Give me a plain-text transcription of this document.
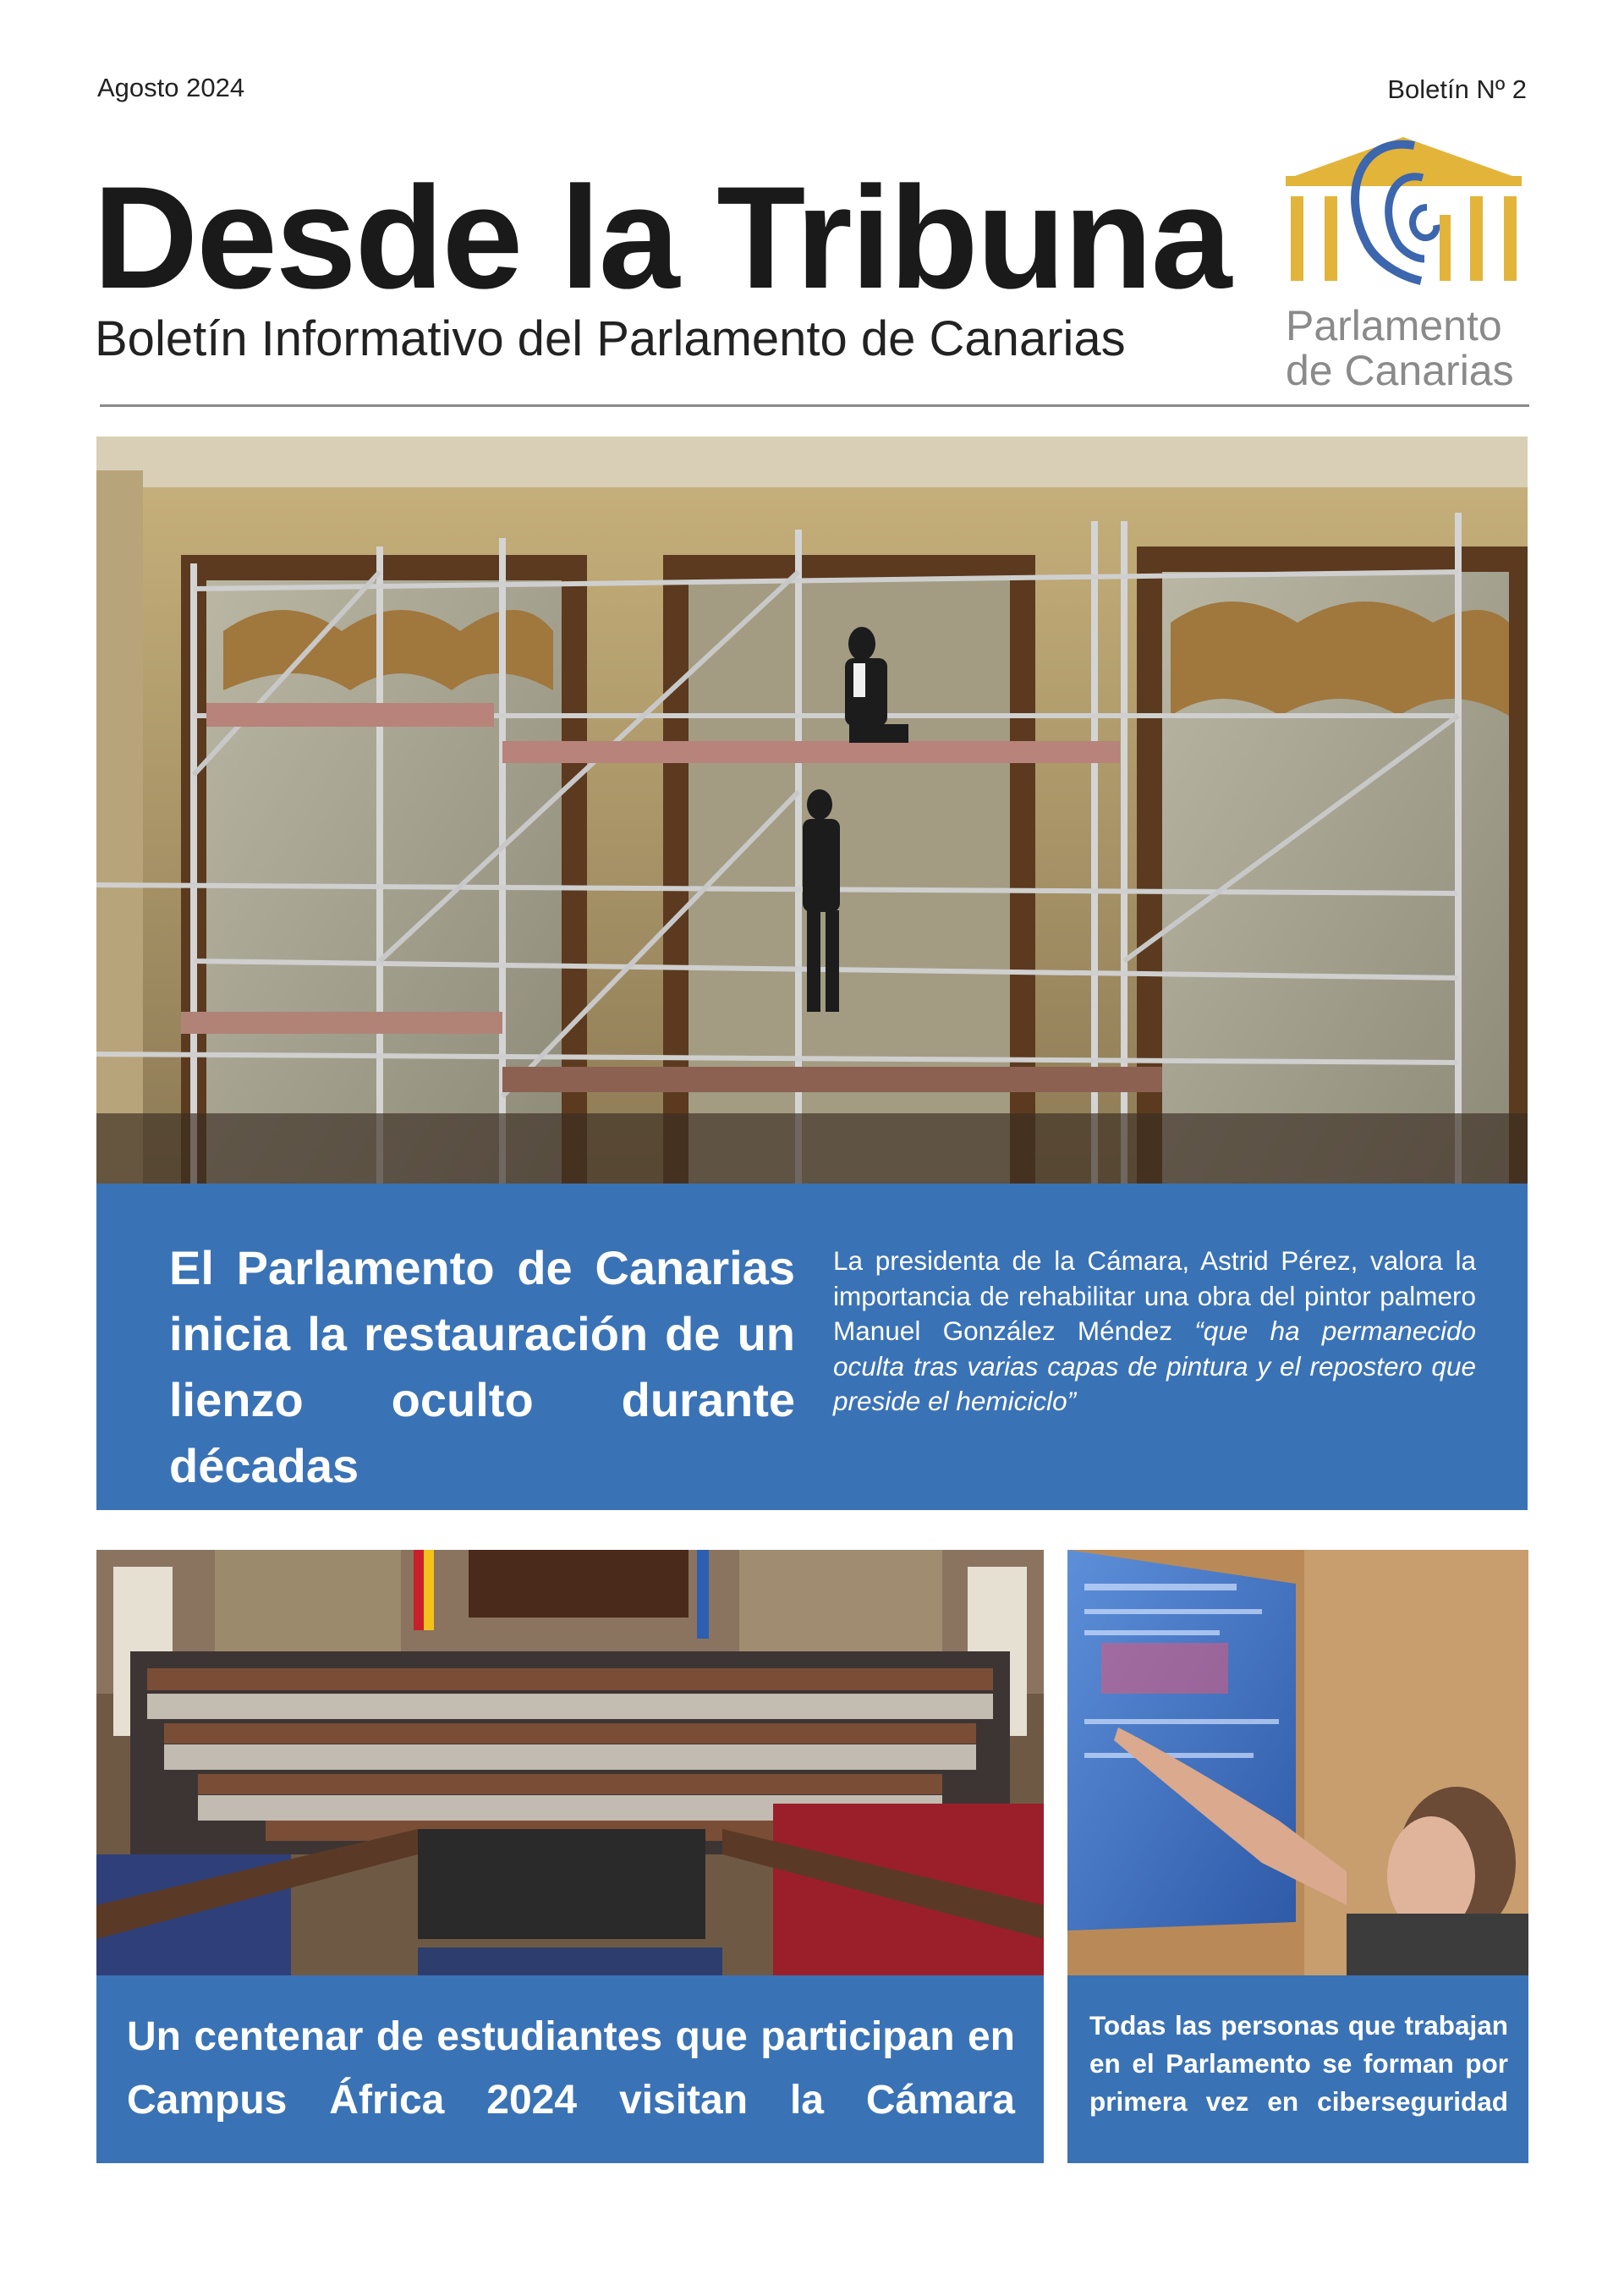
Agosto 2024	Boletín Nº 2
Desde la Tribuna
Boletín Informativo del Parlamento de Canarias	Parlamento
de Canarias
El Parlamento de Canarias inicia la restauración de un lienzo oculto durante décadas
La presidenta de la Cámara, Astrid Pérez, valora la importancia de rehabilitar una obra del pintor palmero Manuel González Méndez “que ha permanecido oculta tras varias capas de pintura y el repostero que preside el hemiciclo”
Un centenar de estudiantes que participan en Campus África 2024 visitan la Cámara
Todas las personas que trabajan en el Parlamento se forman por primera vez en ciberseguridad
